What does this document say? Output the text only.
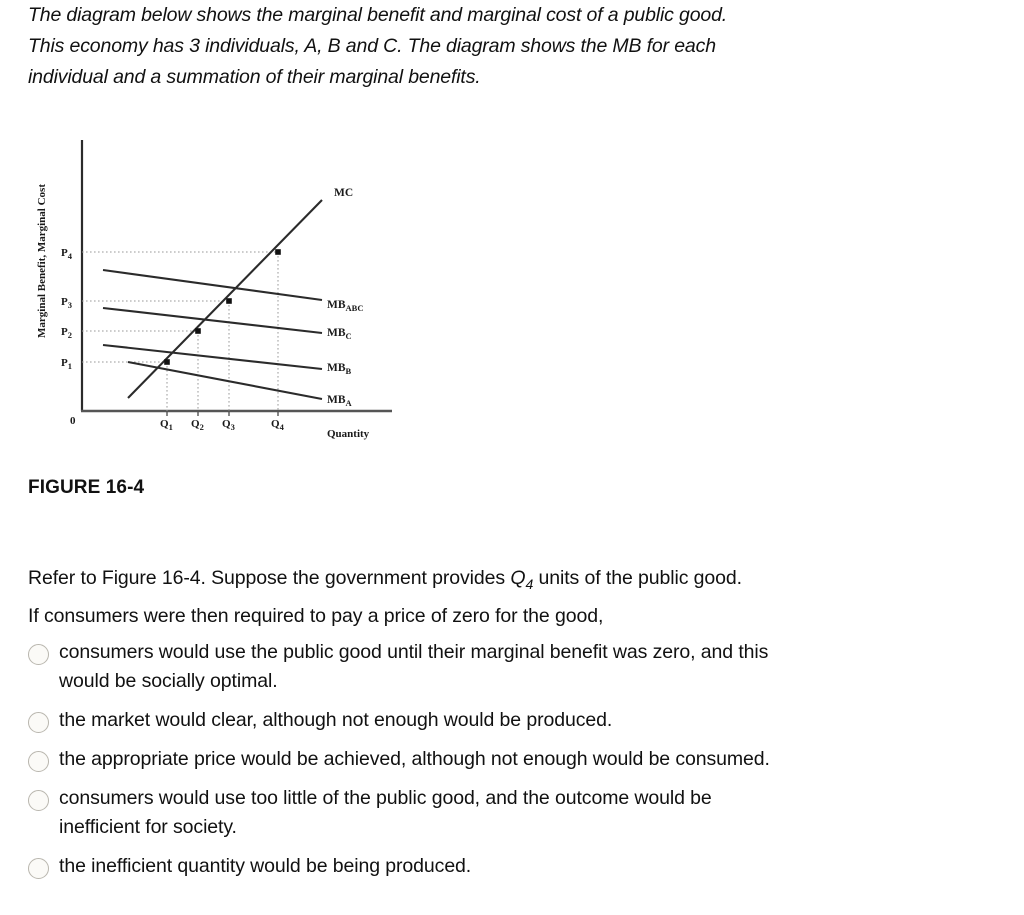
The diagram below shows the marginal benefit and marginal cost of a public good.

This economy has 3 individuals, A, B and C. The diagram shows the MB for each

individual and a summation of their marginal benefits.

Marginal Benefit, Marginal Cost
Quantity
0
$P_4$
$P_3$
$P_2$
$P_1$
$Q_1$ $Q_2$ $Q_3$	$Q_4$
MC
$MB_{ABC}$
$MB_C$
$MB_B$
$MB_A$
FIGURE 16-4

Refer to Figure 16-4. Suppose the government provides $Q_4$ units of the public good.

If consumers were then required to pay a price of zero for the good,

consumers would use the public good until their marginal benefit was zero, and this would be socially optimal.
the market would clear, although not enough would be produced.
the appropriate price would be achieved, although not enough would be consumed.
consumers would use too little of the public good, and the outcome would be inefficient for society.
the inefficient quantity would be being produced.
